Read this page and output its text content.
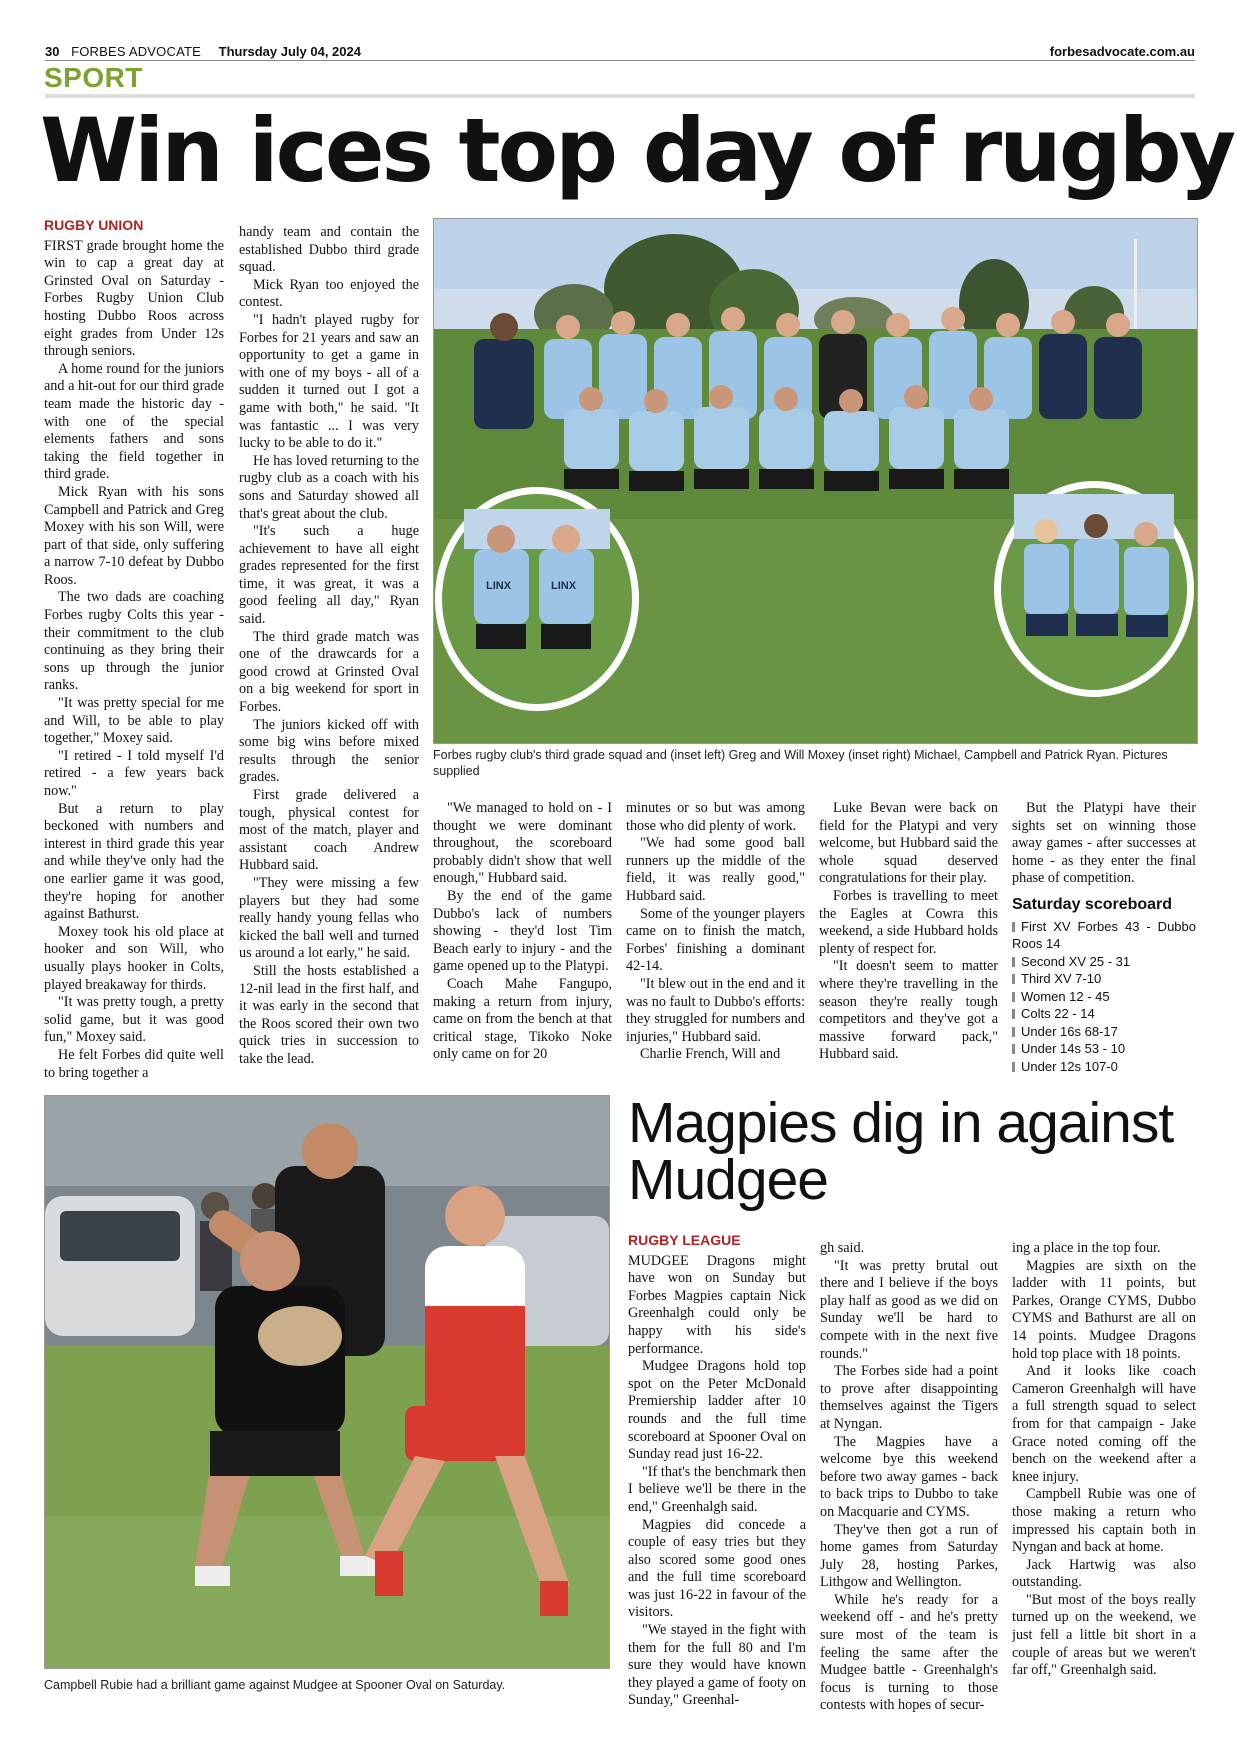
30 FORBES ADVOCATE Thursday July 04, 2024	forbesadvocate.com.au
SPORT
Win ices top day of rugby
RUGBY UNION

FIRST grade brought home the win to cap a great day at Grinsted Oval on Saturday - Forbes Rugby Union Club hosting Dubbo Roos across eight grades from Under 12s through seniors.

A home round for the juniors and a hit-out for our third grade team made the historic day - with one of the special elements fathers and sons taking the field together in third grade.

Mick Ryan with his sons Campbell and Patrick and Greg Moxey with his son Will, were part of that side, only suffering a narrow 7-10 defeat by Dubbo Roos.

The two dads are coaching Forbes rugby Colts this year - their commitment to the club continuing as they bring their sons up through the junior ranks.

"It was pretty special for me and Will, to be able to play together," Moxey said.

"I retired - I told myself I'd retired - a few years back now."

But a return to play beckoned with numbers and interest in third grade this year and while they've only had the one earlier game it was good, they're hoping for another against Bathurst.

Moxey took his old place at hooker and son Will, who usually plays hooker in Colts, played breakaway for thirds.

"It was pretty tough, a pretty solid game, but it was good fun," Moxey said.

He felt Forbes did quite well to bring together a

handy team and contain the established Dubbo third grade squad.

Mick Ryan too enjoyed the contest.

"I hadn't played rugby for Forbes for 21 years and saw an opportunity to get a game in with one of my boys - all of a sudden it turned out I got a game with both," he said. "It was fantastic ... I was very lucky to be able to do it."

He has loved returning to the rugby club as a coach with his sons and Saturday showed all that's great about the club.

"It's such a huge achievement to have all eight grades represented for the first time, it was great, it was a good feeling all day," Ryan said.

The third grade match was one of the drawcards for a good crowd at Grinsted Oval on a big weekend for sport in Forbes.

The juniors kicked off with some big wins before mixed results through the senior grades.

First grade delivered a tough, physical contest for most of the match, player and assistant coach Andrew Hubbard said.

"They were missing a few players but they had some really handy young fellas who kicked the ball well and turned us around a lot early," he said.

Still the hosts established a 12-nil lead in the first half, and it was early in the second that the Roos scored their own two quick tries in succession to take the lead.

LINX	LINX
Forbes rugby club's third grade squad and (inset left) Greg and Will Moxey (inset right) Michael, Campbell and Patrick Ryan. Pictures supplied

"We managed to hold on - I thought we were dominant throughout, the scoreboard probably didn't show that well enough," Hubbard said.

By the end of the game Dubbo's lack of numbers showing - they'd lost Tim Beach early to injury - and the game opened up to the Platypi.

Coach Mahe Fangupo, making a return from injury, came on from the bench at that critical stage, Tikoko Noke only came on for 20

minutes or so but was among those who did plenty of work.

"We had some good ball runners up the middle of the field, it was really good," Hubbard said.

Some of the younger players came on to finish the match, Forbes' finishing a dominant 42-14.

"It blew out in the end and it was no fault to Dubbo's efforts: they struggled for numbers and injuries," Hubbard said.

Charlie French, Will and

Luke Bevan were back on field for the Platypi and very welcome, but Hubbard said the whole squad deserved congratulations for their play.

Forbes is travelling to meet the Eagles at Cowra this weekend, a side Hubbard holds plenty of respect for.

"It doesn't seem to matter where they're travelling in the season they're really tough competitors and they've got a massive forward pack," Hubbard said.

But the Platypi have their sights set on winning those away games - after successes at home - as they enter the final phase of competition.

Saturday scoreboard
First XV Forbes 43 - Dubbo Roos 14
Second XV 25 - 31
Third XV 7-10
Women 12 - 45
Colts 22 - 14
Under 16s 68-17
Under 14s 53 - 10
Under 12s 107-0
Campbell Rubie had a brilliant game against Mudgee at Spooner Oval on Saturday.
Magpies dig in against Mudgee
RUGBY LEAGUE

MUDGEE Dragons might have won on Sunday but Forbes Magpies captain Nick Greenhalgh could only be happy with his side's performance.

Mudgee Dragons hold top spot on the Peter McDonald Premiership ladder after 10 rounds and the full time scoreboard at Spooner Oval on Sunday read just 16-22.

"If that's the benchmark then I believe we'll be there in the end," Greenhalgh said.

Magpies did concede a couple of easy tries but they also scored some good ones and the full time scoreboard was just 16-22 in favour of the visitors.

"We stayed in the fight with them for the full 80 and I'm sure they would have known they played a game of footy on Sunday," Greenhal-

gh said.

"It was pretty brutal out there and I believe if the boys play half as good as we did on Sunday we'll be hard to compete with in the next five rounds."

The Forbes side had a point to prove after disappointing themselves against the Tigers at Nyngan.

The Magpies have a welcome bye this weekend before two away games - back to back trips to Dubbo to take on Macquarie and CYMS.

They've then got a run of home games from Saturday July 28, hosting Parkes, Lithgow and Wellington.

While he's ready for a weekend off - and he's pretty sure most of the team is feeling the same after the Mudgee battle - Greenhalgh's focus is turning to those contests with hopes of secur-

ing a place in the top four.

Magpies are sixth on the ladder with 11 points, but Parkes, Orange CYMS, Dubbo CYMS and Bathurst are all on 14 points. Mudgee Dragons hold top place with 18 points.

And it looks like coach Cameron Greenhalgh will have a full strength squad to select from for that campaign - Jake Grace noted coming off the bench on the weekend after a knee injury.

Campbell Rubie was one of those making a return who impressed his captain both in Nyngan and back at home.

Jack Hartwig was also outstanding.

"But most of the boys really turned up on the weekend, we just fell a little bit short in a couple of areas but we weren't far off," Greenhalgh said.
